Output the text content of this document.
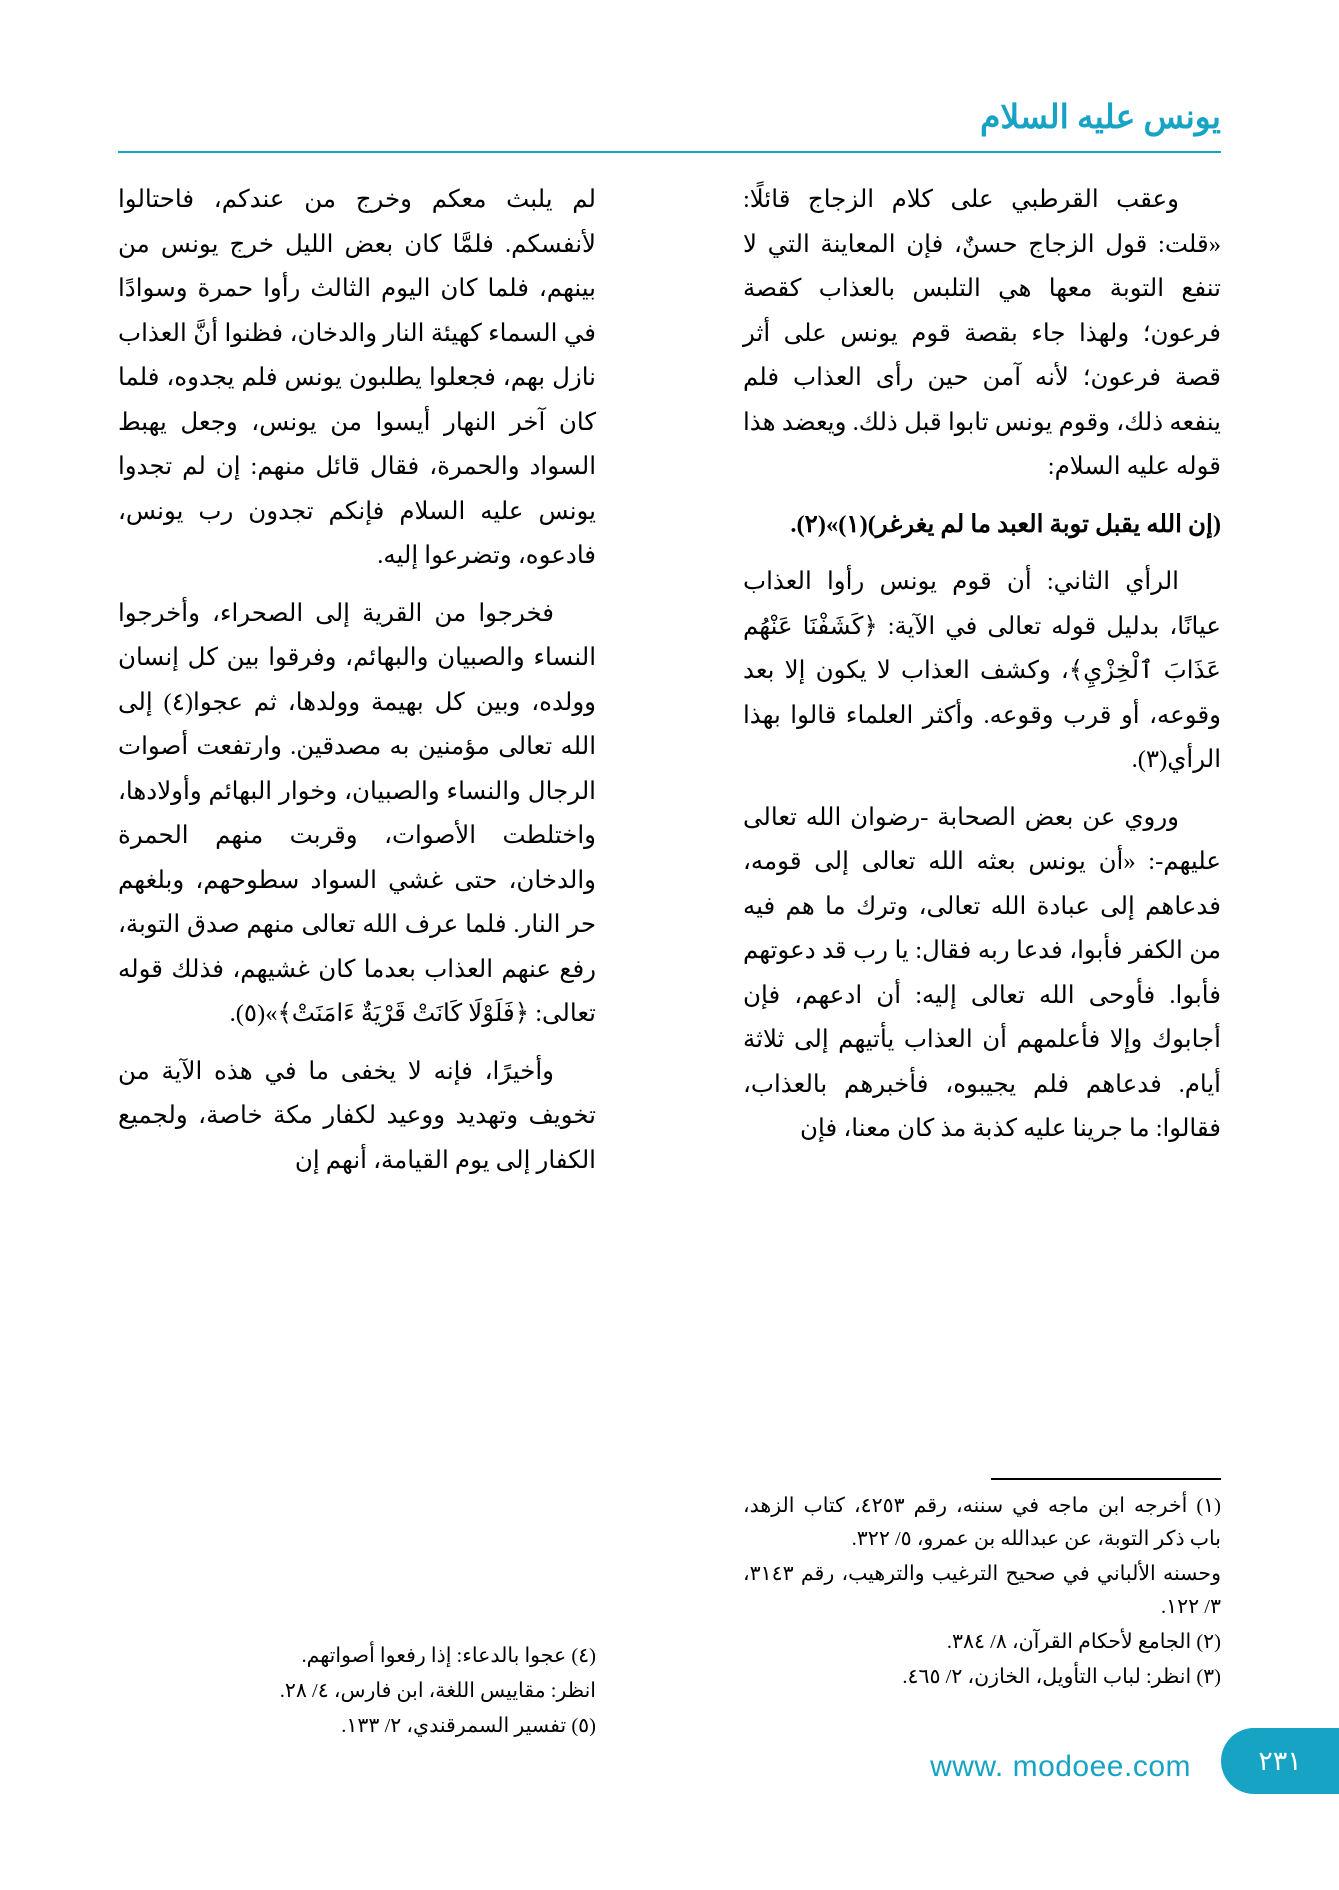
يونس عليه السلام

وعقب القرطبي على كلام الزجاج قائلًا: «قلت: قول الزجاج حسنٌ، فإن المعاينة التي لا تنفع التوبة معها هي التلبس بالعذاب كقصة فرعون؛ ولهذا جاء بقصة قوم يونس على أثر قصة فرعون؛ لأنه آمن حين رأى العذاب فلم ينفعه ذلك، وقوم يونس تابوا قبل ذلك. ويعضد هذا قوله عليه السلام:

(إن الله يقبل توبة العبد ما لم يغرغر)(١)»(٢).

الرأي الثاني: أن قوم يونس رأوا العذاب عيانًا، بدليل قوله تعالى في الآية: ﴿كَشَفْنَا عَنْهُم عَذَابَ ٱلْخِزْيِ﴾، وكشف العذاب لا يكون إلا بعد وقوعه، أو قرب وقوعه. وأكثر العلماء قالوا بهذا الرأي(٣).

وروي عن بعض الصحابة -رضوان الله تعالى عليهم-: «أن يونس بعثه الله تعالى إلى قومه، فدعاهم إلى عبادة الله تعالى، وترك ما هم فيه من الكفر فأبوا، فدعا ربه فقال: يا رب قد دعوتهم فأبوا. فأوحى الله تعالى إليه: أن ادعهم، فإن أجابوك وإلا فأعلمهم أن العذاب يأتيهم إلى ثلاثة أيام. فدعاهم فلم يجيبوه، فأخبرهم بالعذاب، فقالوا: ما جرينا عليه كذبة مذ كان معنا، فإن

لم يلبث معكم وخرج من عندكم، فاحتالوا لأنفسكم. فلمَّا كان بعض الليل خرج يونس من بينهم، فلما كان اليوم الثالث رأوا حمرة وسوادًا في السماء كهيئة النار والدخان، فظنوا أنَّ العذاب نازل بهم، فجعلوا يطلبون يونس فلم يجدوه، فلما كان آخر النهار أيسوا من يونس، وجعل يهبط السواد والحمرة، فقال قائل منهم: إن لم تجدوا يونس عليه السلام فإنكم تجدون رب يونس، فادعوه، وتضرعوا إليه.

فخرجوا من القرية إلى الصحراء، وأخرجوا النساء والصبيان والبهائم، وفرقوا بين كل إنسان وولده، وبين كل بهيمة وولدها، ثم عجوا(٤) إلى الله تعالى مؤمنين به مصدقين. وارتفعت أصوات الرجال والنساء والصبيان، وخوار البهائم وأولادها، واختلطت الأصوات، وقربت منهم الحمرة والدخان، حتى غشي السواد سطوحهم، وبلغهم حر النار. فلما عرف الله تعالى منهم صدق التوبة، رفع عنهم العذاب بعدما كان غشيهم، فذلك قوله تعالى: ﴿فَلَوْلَا كَانَتْ قَرْيَةٌ ءَامَنَتْ﴾»(٥).

وأخيرًا، فإنه لا يخفى ما في هذه الآية من تخويف وتهديد ووعيد لكفار مكة خاصة، ولجميع الكفار إلى يوم القيامة، أنهم إن

(١) أخرجه ابن ماجه في سننه، رقم ٤٢٥٣، كتاب الزهد، باب ذكر التوبة، عن عبدالله بن عمرو، ٥/ ٣٢٢.

وحسنه الألباني في صحيح الترغيب والترهيب، رقم ٣١٤٣، ٣/ ١٢٢.

(٢) الجامع لأحكام القرآن، ٨/ ٣٨٤.

(٣) انظر: لباب التأويل، الخازن، ٢/ ٤٦٥.

(٤) عجوا بالدعاء: إذا رفعوا أصواتهم.

انظر: مقاييس اللغة، ابن فارس، ٤/ ٢٨.

(٥) تفسير السمرقندي، ٢/ ١٣٣.

www. modoee.com	٢٣١
